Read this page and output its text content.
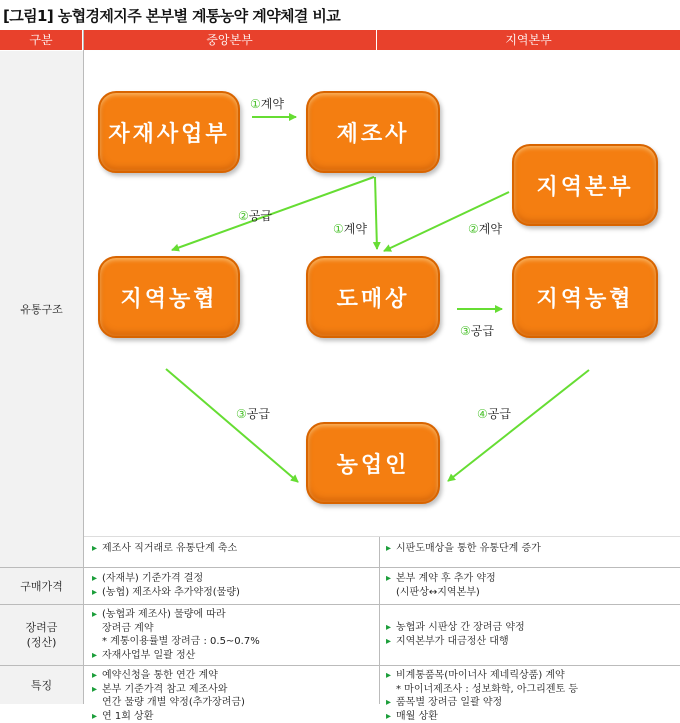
[그림1] 농협경제지주 본부별 계통농약 계약체결 비교
구분	중앙본부	지역본부
유통구조
구매가격
장려금
(정산)
특징
자재사업부	제조사
지역본부
지역농협	도매상	지역농협
농업인
①계약
②공급
①계약	②계약
③공급
③공급	④공급
▸ 제조사 직거래로 유통단계 축소
▸	시판도매상을 통한 유통단계 증가
▸ (자재부) 기준가격 결정
▸ (농협) 제조사와 추가약정(물량)
▸ 본부 계약 후 추가 약정
(시판상↔지역본부)
▸ (농협과 제조사) 물량에 따라
장려금 계약
* 계통이용률별 장려금 : 0.5~0.7%
▸ 자재사업부 일괄 정산
▸ 농협과 시판상 간 장려금 약정
▸ 지역본부가 대금정산 대행
▸ 예약신청을 통한 연간 계약
▸ 본부 기준가격 참고 제조사와
연간 물량 개별 약정(추가장려금)
▸ 연 1회 상환
▸ 비계통품목(마이너사 제네릭상품) 계약
* 마이너제조사 : 성보화학, 아그리젠토 등
▸ 품목별 장려금 일괄 약정
▸ 매월 상환
